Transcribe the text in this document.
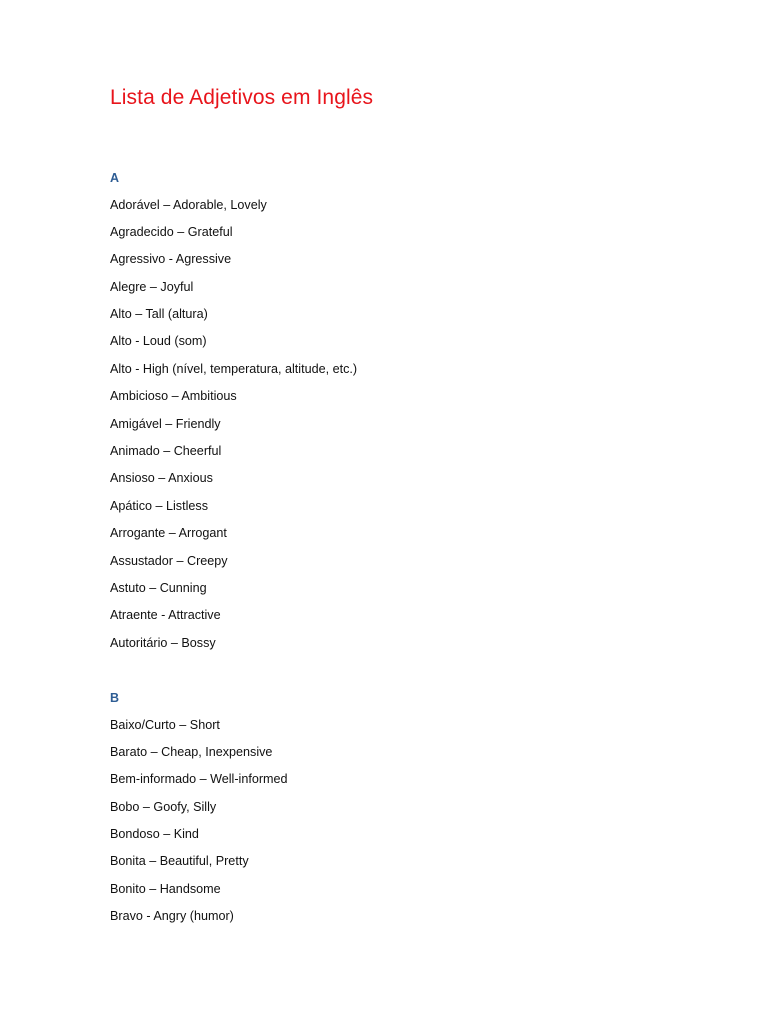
Lista de Adjetivos em Inglês
A
Adorável – Adorable, Lovely
Agradecido – Grateful
Agressivo - Agressive
Alegre – Joyful
Alto – Tall (altura)
Alto - Loud (som)
Alto - High (nível, temperatura, altitude, etc.)
Ambicioso – Ambitious
Amigável – Friendly
Animado – Cheerful
Ansioso – Anxious
Apático – Listless
Arrogante – Arrogant
Assustador – Creepy
Astuto – Cunning
Atraente - Attractive
Autoritário – Bossy
B
Baixo/Curto – Short
Barato – Cheap, Inexpensive
Bem-informado – Well-informed
Bobo – Goofy, Silly
Bondoso – Kind
Bonita – Beautiful, Pretty
Bonito – Handsome
Bravo - Angry (humor)
